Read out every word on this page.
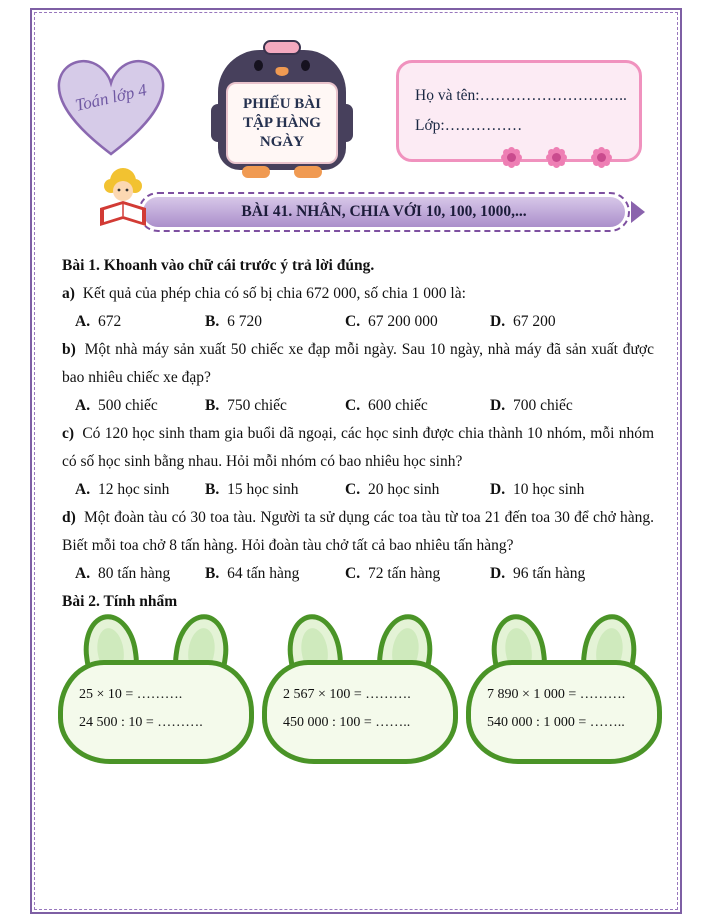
Toán lớp 4	PHIẾU BÀI TẬP HÀNG NGÀY
Họ và tên:………………………..
Lớp:……………
BÀI 41. NHÂN, CHIA VỚI 10, 100, 1000,...

Bài 1. Khoanh vào chữ cái trước ý trả lời đúng.

a) Kết quả của phép chia có số bị chia 672 000, số chia 1 000 là:

A. 672	B. 6 720	C. 67 200 000	D. 67 200

b) Một nhà máy sản xuất 50 chiếc xe đạp mỗi ngày. Sau 10 ngày, nhà máy đã sản xuất được bao nhiêu chiếc xe đạp?

A. 500 chiếc	B. 750 chiếc	C. 600 chiếc	D. 700 chiếc

c) Có 120 học sinh tham gia buổi dã ngoại, các học sinh được chia thành 10 nhóm, mỗi nhóm có số học sinh bằng nhau. Hỏi mỗi nhóm có bao nhiêu học sinh?

A. 12 học sinh	B. 15 học sinh	C. 20 học sinh	D. 10 học sinh

d) Một đoàn tàu có 30 toa tàu. Người ta sử dụng các toa tàu từ toa 21 đến toa 30 để chở hàng. Biết mỗi toa chở 8 tấn hàng. Hỏi đoàn tàu chở tất cả bao nhiêu tấn hàng?

A. 80 tấn hàng	B. 64 tấn hàng	C. 72 tấn hàng	D. 96 tấn hàng

Bài 2. Tính nhẩm

25 × 10 = ……….
24 500 : 10 = ……….
2 567 × 100 = ……….
450 000 : 100 = ……..
7 890 × 1 000 = ……….
540 000 : 1 000 = ……..
